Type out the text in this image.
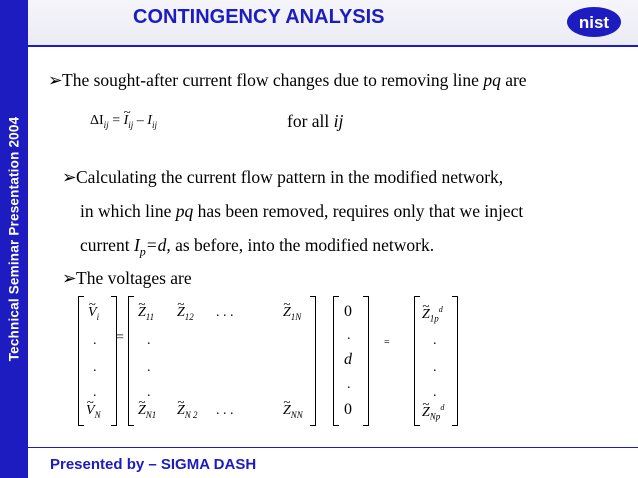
Technical Seminar Presentation 2004
CONTINGENCY ANALYSIS	nist
Presented by – SIGMA DASH
➢The sought-after current flow changes due to removing line pq are
$\Delta I_{ij}$ = ~ $I_{ij} - I_{ij}$	for all ij
➢Calculating the current flow pattern in the modified network,
in which line pq has been removed, requires only that we inject
current $I_p=d$, as before, into the modified network.
➢The voltages are
~ $V_i$
.
.
.
~ $V_N$
=
~ $Z_{11}$ ~ $Z_{12}$ . . .	~ $Z_{1N}$
.
.
.
~ $Z_{N1}$ ~ $Z_{N 2}$ . . .	~ $Z_{NN}$
0
.
d
.
0
=
~ $Z_{1p}^d$
.
.
.
~ $Z_{Np}^d$
